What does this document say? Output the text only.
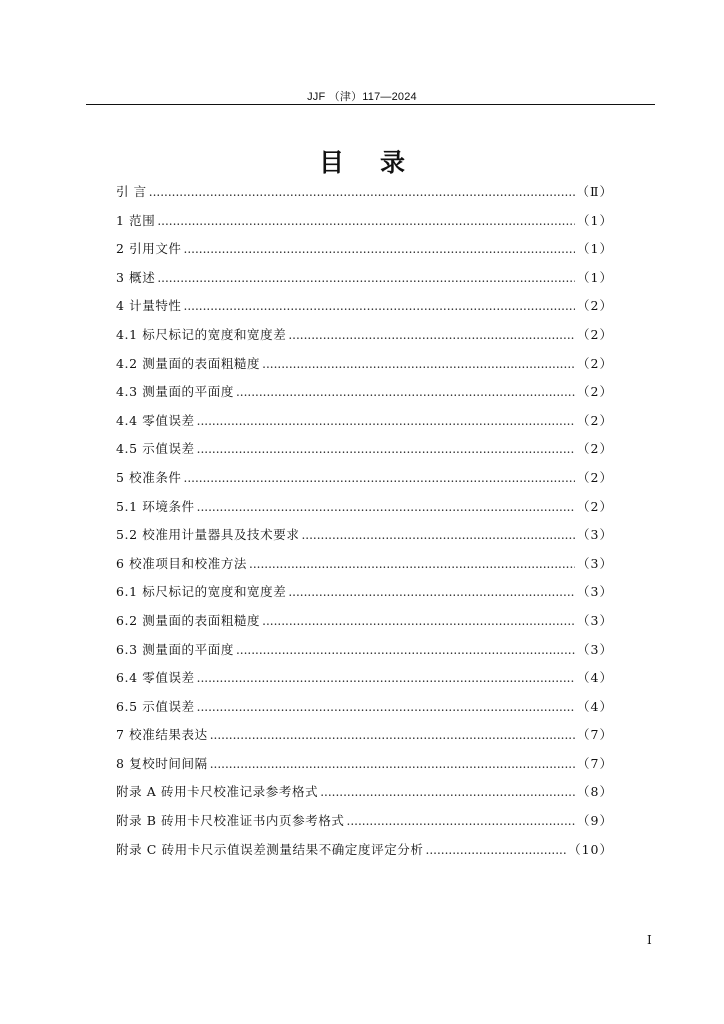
JJF （津）117—2024
目录
引 言 .....	（Ⅱ）
1 范围 .....	（1）
2 引用文件 .....	（1）
3 概述 .....	（1）
4 计量特性 .....	（2）
4.1 标尺标记的宽度和宽度差 .....	（2）
4.2 测量面的表面粗糙度 .....	（2）
4.3 测量面的平面度 .....	（2）
4.4 零值误差 .....	（2）
4.5 示值误差 .....	（2）
5 校准条件 .....	（2）
5.1 环境条件 .....	（2）
5.2 校准用计量器具及技术要求 .....	（3）
6 校准项目和校准方法 .....	（3）
6.1 标尺标记的宽度和宽度差 .....	（3）
6.2 测量面的表面粗糙度 .....	（3）
6.3 测量面的平面度 .....	（3）
6.4 零值误差 .....	（4）
6.5 示值误差 .....	（4）
7 校准结果表达 .....	（7）
8 复校时间间隔 .....	（7）
附录 A 砖用卡尺校准记录参考格式 .....	（8）
附录 B 砖用卡尺校准证书内页参考格式 .....	（9）
附录 C 砖用卡尺示值误差测量结果不确定度评定分析 .....	（10）
I
